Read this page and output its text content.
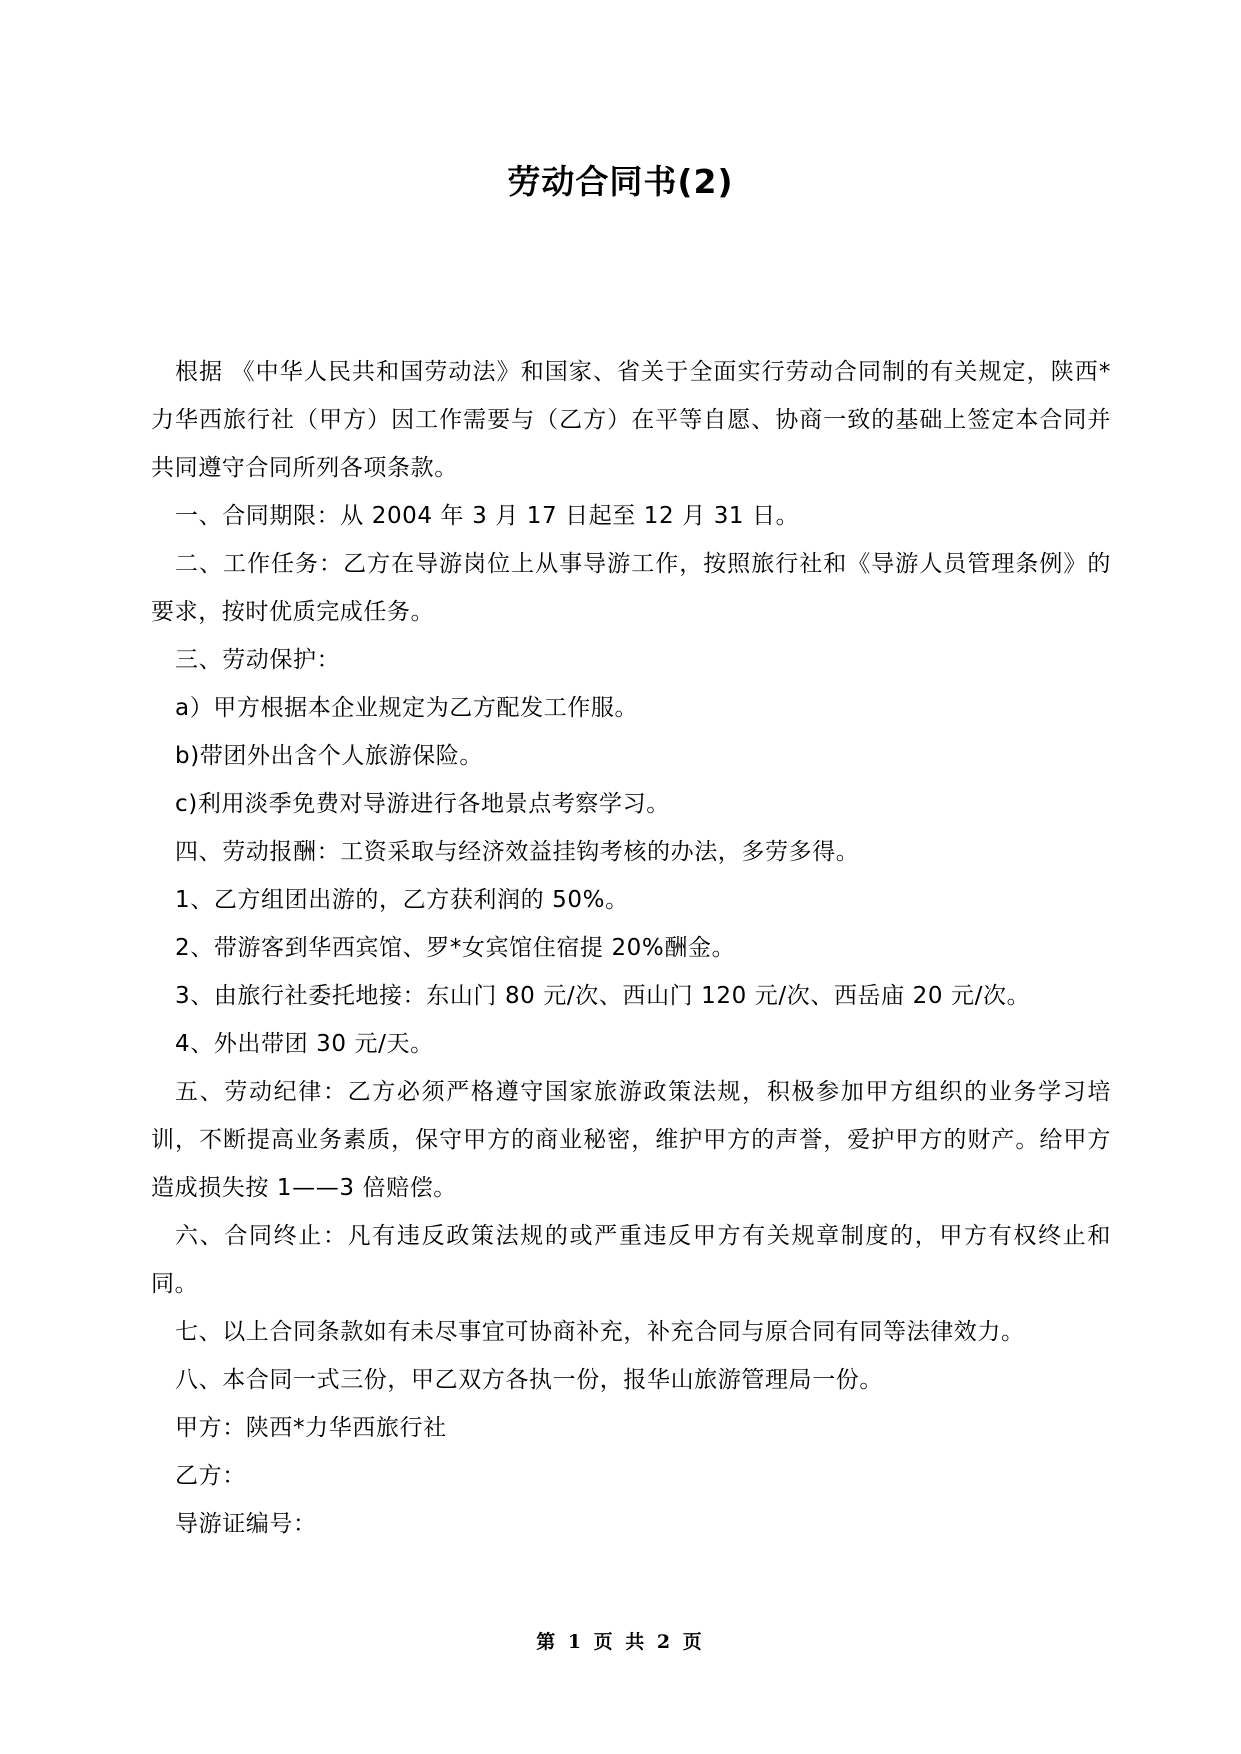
劳动合同书(2)

根据 《中华人民共和国劳动法》和国家、省关于全面实行劳动合同制的有关规定，陕西*力华西旅行社（甲方）因工作需要与（乙方）在平等自愿、协商一致的基础上签定本合同并共同遵守合同所列各项条款。

一、合同期限：从 2004 年 3 月 17 日起至 12 月 31 日。

二、工作任务：乙方在导游岗位上从事导游工作，按照旅行社和《导游人员管理条例》的要求，按时优质完成任务。

三、劳动保护：

a）甲方根据本企业规定为乙方配发工作服。

b)带团外出含个人旅游保险。

c)利用淡季免费对导游进行各地景点考察学习。

四、劳动报酬：工资采取与经济效益挂钩考核的办法，多劳多得。

1、乙方组团出游的，乙方获利润的 50%。

2、带游客到华西宾馆、罗*女宾馆住宿提 20%酬金。

3、由旅行社委托地接：东山门 80 元/次、西山门 120 元/次、西岳庙 20 元/次。

4、外出带团 30 元/天。

五、劳动纪律：乙方必须严格遵守国家旅游政策法规，积极参加甲方组织的业务学习培训，不断提高业务素质，保守甲方的商业秘密，维护甲方的声誉，爱护甲方的财产。给甲方造成损失按 1——3 倍赔偿。

六、合同终止：凡有违反政策法规的或严重违反甲方有关规章制度的，甲方有权终止和同。

七、以上合同条款如有未尽事宜可协商补充，补充合同与原合同有同等法律效力。

八、本合同一式三份，甲乙双方各执一份，报华山旅游管理局一份。

甲方：陕西*力华西旅行社

乙方：

导游证编号：

第 1 页 共 2 页
